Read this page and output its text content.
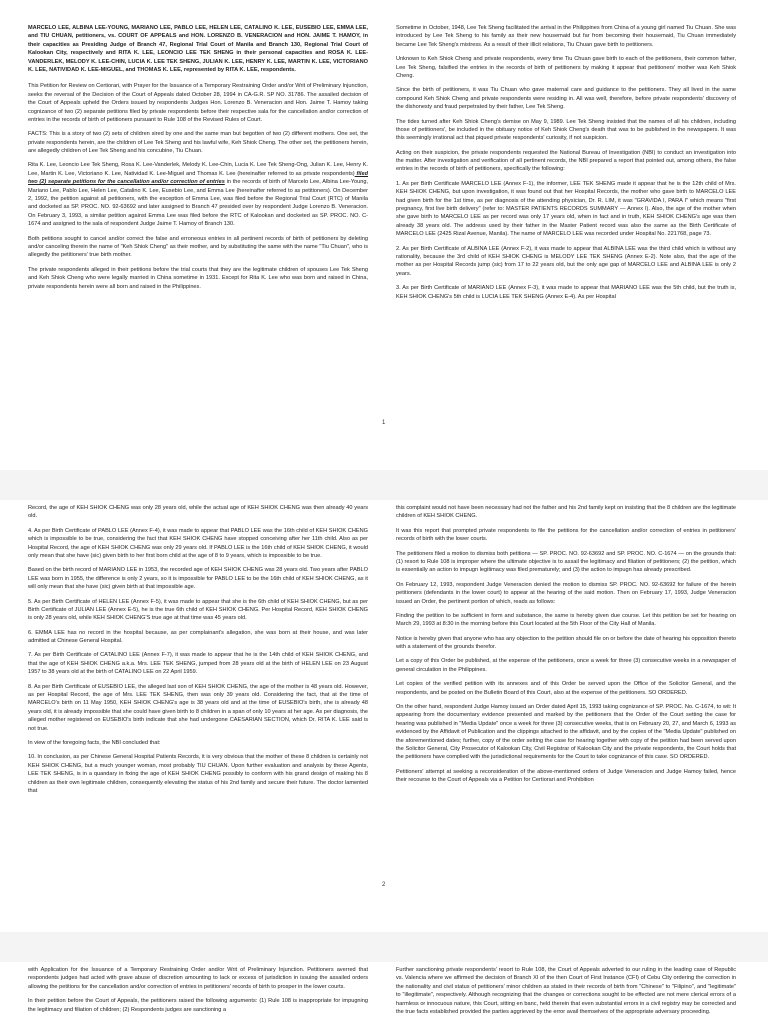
MARCELO LEE, ALBINA LEE-YOUNG, MARIANO LEE, PABLO LEE, HELEN LEE, CATALINO K. LEE, EUSEBIO LEE, EMMA LEE, and TIU CHUAN, petitioners, vs. COURT OF APPEALS and HON. LORENZO B. VENERACION and HON. JAIME T. HAMOY, in their capacities as Presiding Judge of Branch 47, Regional Trial Court of Manila and Branch 130, Regional Trial Court of Kalookan City, respectively and RITA K. LEE, LEONCIO LEE TEK SHENG in their personal capacities and ROSA K. LEE-VANDERLEK, MELODY K. LEE-CHIN, LUCIA K. LEE TEK SHENG, JULIAN K. LEE, HENRY K. LEE, MARTIN K. LEE, VICTORIANO K. LEE, NATIVIDAD K. LEE-MIGUEL, and THOMAS K. LEE, represented by RITA K. LEE, respondents.

This Petition for Review on Certiorari, with Prayer for the Issuance of a Temporary Restraining Order and/or Writ of Preliminary Injunction, seeks the reversal of the Decision of the Court of Appeals dated October 28, 1994 in CA-G.R. SP NO. 31786. The assailed decision of the Court of Appeals upheld the Orders issued by respondents Judges Hon. Lorenzo B. Veneracion and Hon. Jaime T. Hamoy taking cognizance of two (2) separate petitions filed by private respondents before their respective sala for the cancellation and/or correction of entries in the records of birth of petitioners pursuant to Rule 108 of the Revised Rules of Court.

FACTS: This is a story of two (2) sets of children sired by one and the same man but begotten of two (2) different mothers. One set, the private respondents herein, are the children of Lee Tek Sheng and his lawful wife, Keh Shiok Cheng. The other set, the petitioners herein, are allegedly children of Lee Tek Sheng and his concubine, Tiu Chuan.

Rita K. Lee, Leoncio Lee Tek Sheng, Rosa K. Lee-Vanderlek, Melody K. Lee-Chin, Lucia K. Lee Tek Sheng-Ong, Julian K. Lee, Henry K. Lee, Martin K. Lee, Victoriano K. Lee, Natividad K. Lee-Miguel and Thomas K. Lee (hereinafter referred to as private respondents) filed two (2) separate petitions for the cancellation and/or correction of entries in the records of birth of Marcelo Lee, Albina Lee-Young, Mariano Lee, Pablo Lee, Helen Lee, Catalino K. Lee, Eusebio Lee, and Emma Lee (hereinafter referred to as petitioners). On December 2, 1992, the petition against all petitioners, with the exception of Emma Lee, was filed before the Regional Trial Court (RTC) of Manila and docketed as SP. PROC. NO. 92-63692 and later assigned to Branch 47 presided over by respondent Judge Lorenzo B. Veneracion. On February 3, 1993, a similar petition against Emma Lee was filed before the RTC of Kalookan and docketed as SP. PROC. NO. C-1674 and assigned to the sala of respondent Judge Jaime T. Hamoy of Branch 130.

Both petitions sought to cancel and/or correct the false and erroneous entries in all pertinent records of birth of petitioners by deleting and/or canceling therein the name of "Keh Shiok Cheng" as their mother, and by substituting the same with the name "Tiu Chuan", who is allegedly the petitioners' true birth mother.

The private respondents alleged in their petitions before the trial courts that they are the legitimate children of spouses Lee Tek Sheng and Keh Shiok Cheng who were legally married in China sometime in 1931. Except for Rita K. Lee who was born and raised in China, private respondents herein were all born and raised in the Philippines.

Sometime in October, 1948, Lee Tek Sheng facilitated the arrival in the Philippines from China of a young girl named Tiu Chuan. She was introduced by Lee Tek Sheng to his family as their new housemaid but far from becoming their housemaid, Tiu Chuan immediately became Lee Tek Sheng's mistress. As a result of their illicit relations, Tiu Chuan gave birth to petitioners.

Unknown to Keh Shiok Cheng and private respondents, every time Tiu Chuan gave birth to each of the petitioners, their common father, Lee Tek Sheng, falsified the entries in the records of birth of petitioners by making it appear that petitioners' mother was Keh Shiok Cheng.

Since the birth of petitioners, it was Tiu Chuan who gave maternal care and guidance to the petitioners. They all lived in the same compound Keh Shiok Cheng and private respondents were residing in. All was well, therefore, before private respondents' discovery of the dishonesty and fraud perpetrated by their father, Lee Tek Sheng.

The tides turned after Keh Shiok Cheng's demise on May 9, 1989. Lee Tek Sheng insisted that the names of all his children, including those of petitioners', be included in the obituary notice of Keh Shiok Cheng's death that was to be published in the newspapers. It was this seemingly irrational act that piqued private respondents' curiosity, if not suspicion.

Acting on their suspicion, the private respondents requested the National Bureau of Investigation (NBI) to conduct an investigation into the matter. After investigation and verification of all pertinent records, the NBI prepared a report that pointed out, among others, the false entries in the records of birth of petitioners, specifically the following:

1. As per Birth Certificate MARCELO LEE (Annex F-1), the informer, LEE TEK SHENG made it appear that he is the 12th child of Mrs. KEH SHIOK CHENG, but upon investigation, it was found out that her Hospital Records, the mother who gave birth to MARCELO LEE had given birth for the 1st time, as per diagnosis of the attending physician, Dr. R. LIM, it was "GRAVIDA I, PARA I" which means "first pregnancy, first live birth delivery" (refer to: MASTER PATIENTS RECORDS SUMMARY — Annex I). Also, the age of the mother when she gave birth to MARCELO LEE as per record was only 17 years old, when in fact and in truth, KEH SHIOK CHENG's age was then already 38 years old. The address used by their father in the Master Patient record was also the same as the Birth Certificate of MARCELO LEE (2425 Rizal Avenue, Manila). The name of MARCELO LEE was recorded under Hospital No. 221768, page 73.

2. As per Birth Certificate of ALBINA LEE (Annex F-2), it was made to appear that ALBINA LEE was the third child which is without any rationality, because the 3rd child of KEH SHIOK CHENG is MELODY LEE TEK SHENG (Annex E-2). Note also, that the age of the mother as per Hospital Records jump (sic) from 17 to 22 years old, but the only age gap of MARCELO LEE and ALBINA LEE is only 2 years.

3. As per Birth Certificate of MARIANO LEE (Annex F-3), it was made to appear that MARIANO LEE was the 5th child, but the truth is, KEH SHIOK CHENG's 5th child is LUCIA LEE TEK SHENG (Annex E-4). As per Hospital

1

Record, the age of KEH SHIOK CHENG was only 28 years old, while the actual age of KEH SHIOK CHENG was then already 40 years old.

4. As per Birth Certificate of PABLO LEE (Annex F-4), it was made to appear that PABLO LEE was the 16th child of KEH SHIOK CHENG which is impossible to be true, considering the fact that KEH SHIOK CHENG have stopped conceiving after her 11th child. Also as per Hospital Record, the age of KEH SHIOK CHENG was only 29 years old. If PABLO LEE is the 16th child of KEH SHIOK CHENG, it would only mean that she have (sic) given birth to her first born child at the age of 8 to 9 years, which is impossible to be true.

Based on the birth record of MARIANO LEE in 1953, the recorded age of KEH SHIOK CHENG was 28 years old. Two years after PABLO LEE was born in 1955, the difference is only 2 years, so it is impossible for PABLO LEE to be the 16th child of KEH SHIOK CHENG, as it will only mean that she have (sic) given birth at that impossible age.

5. As per Birth Certificate of HELEN LEE (Annex F-5), it was made to appear that she is the 6th child of KEH SHIOK CHENG, but as per Birth Certificate of JULIAN LEE (Annex E-5), he is the true 6th child of KEH SHIOK CHENG. Per Hospital Record, KEH SHIOK CHENG is only 28 years old, while KEH SHIOK CHENG'S true age at that time was 45 years old.

6. EMMA LEE has no record in the hospital because, as per complainant's allegation, she was born at their house, and was later admitted at Chinese General Hospital.

7. As per Birth Certificate of CATALINO LEE (Annex F-7), it was made to appear that he is the 14th child of KEH SHIOK CHENG, and that the age of KEH SHIOK CHENG a.k.a. Mrs. LEE TEK SHENG, jumped from 28 years old at the birth of HELEN LEE on 23 August 1957 to 38 years old at the birth of CATALINO LEE on 22 April 1959.

8. As per Birth Certificate of EUSEBIO LEE, the alleged last son of KEH SHIOK CHENG, the age of the mother is 48 years old. However, as per Hospital Record, the age of Mrs. LEE TEK SHENG, then was only 39 years old. Considering the fact, that at the time of MARCELO's birth on 11 May 1950, KEH SHIOK CHENG's age is 38 years old and at the time of EUSEBIO's birth, she is already 48 years old, it is already impossible that she could have given birth to 8 children in a span of only 10 years at her age. As per diagnosis, the alleged mother registered on EUSEBIO's birth indicate that she had undergone CAESARIAN SECTION, which Dr. RITA K. LEE said is not true.

In view of the foregoing facts, the NBI concluded that:

10. In conclusion, as per Chinese General Hospital Patients Records, it is very obvious that the mother of these 8 children is certainly not KEH SHIOK CHENG, but a much younger woman, most probably TIU CHUAN. Upon further evaluation and analysis by these Agents, LEE TEK SHENG, is in a quandary in fixing the age of KEH SHIOK CHENG possibly to conform with his grand design of making his 8 children as their own legitimate children, consequently elevating the status of his 2nd family and secure their future. The doctor lamented that

this complaint would not have been necessary had not the father and his 2nd family kept on insisting that the 8 children are the legitimate children of KEH SHIOK CHENG.

It was this report that prompted private respondents to file the petitions for the cancellation and/or correction of entries in petitioners' records of birth with the lower courts.

The petitioners filed a motion to dismiss both petitions — SP. PROC. NO. 92-63692 and SP. PROC. NO. C-1674 — on the grounds that: (1) resort to Rule 108 is improper where the ultimate objective is to assail the legitimacy and filiation of petitioners; (2) the petition, which is essentially an action to impugn legitimacy was filed prematurely; and (3) the action to impugn has already prescribed.

On February 12, 1993, respondent Judge Veneracion denied the motion to dismiss SP. PROC. NO. 92-63692 for failure of the herein petitioners (defendants in the lower court) to appear at the hearing of the said motion. Then on February 17, 1993, Judge Veneracion issued an Order, the pertinent portion of which, reads as follows:

Finding the petition to be sufficient in form and substance, the same is hereby given due course. Let this petition be set for hearing on March 29, 1993 at 8:30 in the morning before this Court located at the 5th Floor of the City Hall of Manila.

Notice is hereby given that anyone who has any objection to the petition should file on or before the date of hearing his opposition thereto with a statement of the grounds therefor.

Let a copy of this Order be published, at the expense of the petitioners, once a week for three (3) consecutive weeks in a newspaper of general circulation in the Philippines.

Let copies of the verified petition with its annexes and of this Order be served upon the Office of the Solicitor General, and the respondents, and be posted on the Bulletin Board of this Court, also at the expense of the petitioners. SO ORDERED.

On the other hand, respondent Judge Hamoy issued an Order dated April 15, 1993 taking cognizance of SP. PROC. No. C-1674, to wit: It appearing from the documentary evidence presented and marked by the petitioners that the Order of the Court setting the case for hearing was published in "Media Update" once a week for three (3) consecutive weeks, that is on February 20, 27, and March 6, 1993 as evidenced by the Affidavit of Publication and the clippings attached to the affidavit, and by the copies of the "Media Update" published on the aforementioned dates; further, copy of the order setting the case for hearing together with copy of the petition had been served upon the Solicitor General, City Prosecutor of Kalookan City, Civil Registrar of Kalookan City and the private respondents, the Court holds that the petitioners have complied with the jurisdictional requirements for the Court to take cognizance of this case. SO ORDERED.

Petitioners' attempt at seeking a reconsideration of the above-mentioned orders of Judge Veneracion and Judge Hamoy failed, hence their recourse to the Court of Appeals via a Petition for Certiorari and Prohibition

2

with Application for the Issuance of a Temporary Restraining Order and/or Writ of Preliminary Injunction. Petitioners averred that respondents judges had acted with grave abuse of discretion amounting to lack or excess of jurisdiction in issuing the assailed orders allowing the petitions for the cancellation and/or correction of entries in petitioners' records of birth to prosper in the lower courts.

In their petition before the Court of Appeals, the petitioners raised the following arguments: (1) Rule 108 is inappropriate for impugning the legitimacy and filiation of children; (2) Respondents judges are sanctioning a

Further sanctioning private respondents' resort to Rule 108, the Court of Appeals adverted to our ruling in the leading case of Republic vs. Valencia where we affirmed the decision of Branch XI of the then Court of First Instance (CFI) of Cebu City ordering the correction in the nationality and civil status of petitioners' minor children as stated in their records of birth from "Chinese" to "Filipino", and "legitimate" to "illegitimate", respectively. Although recognizing that the changes or corrections sought to be effected are not mere clerical errors of a harmless or innocuous nature, this Court, sitting en banc, held therein that even substantial errors in a civil registry may be corrected and the true facts established provided the parties aggrieved by the error avail themselves of the appropriate adversary proceeding.
